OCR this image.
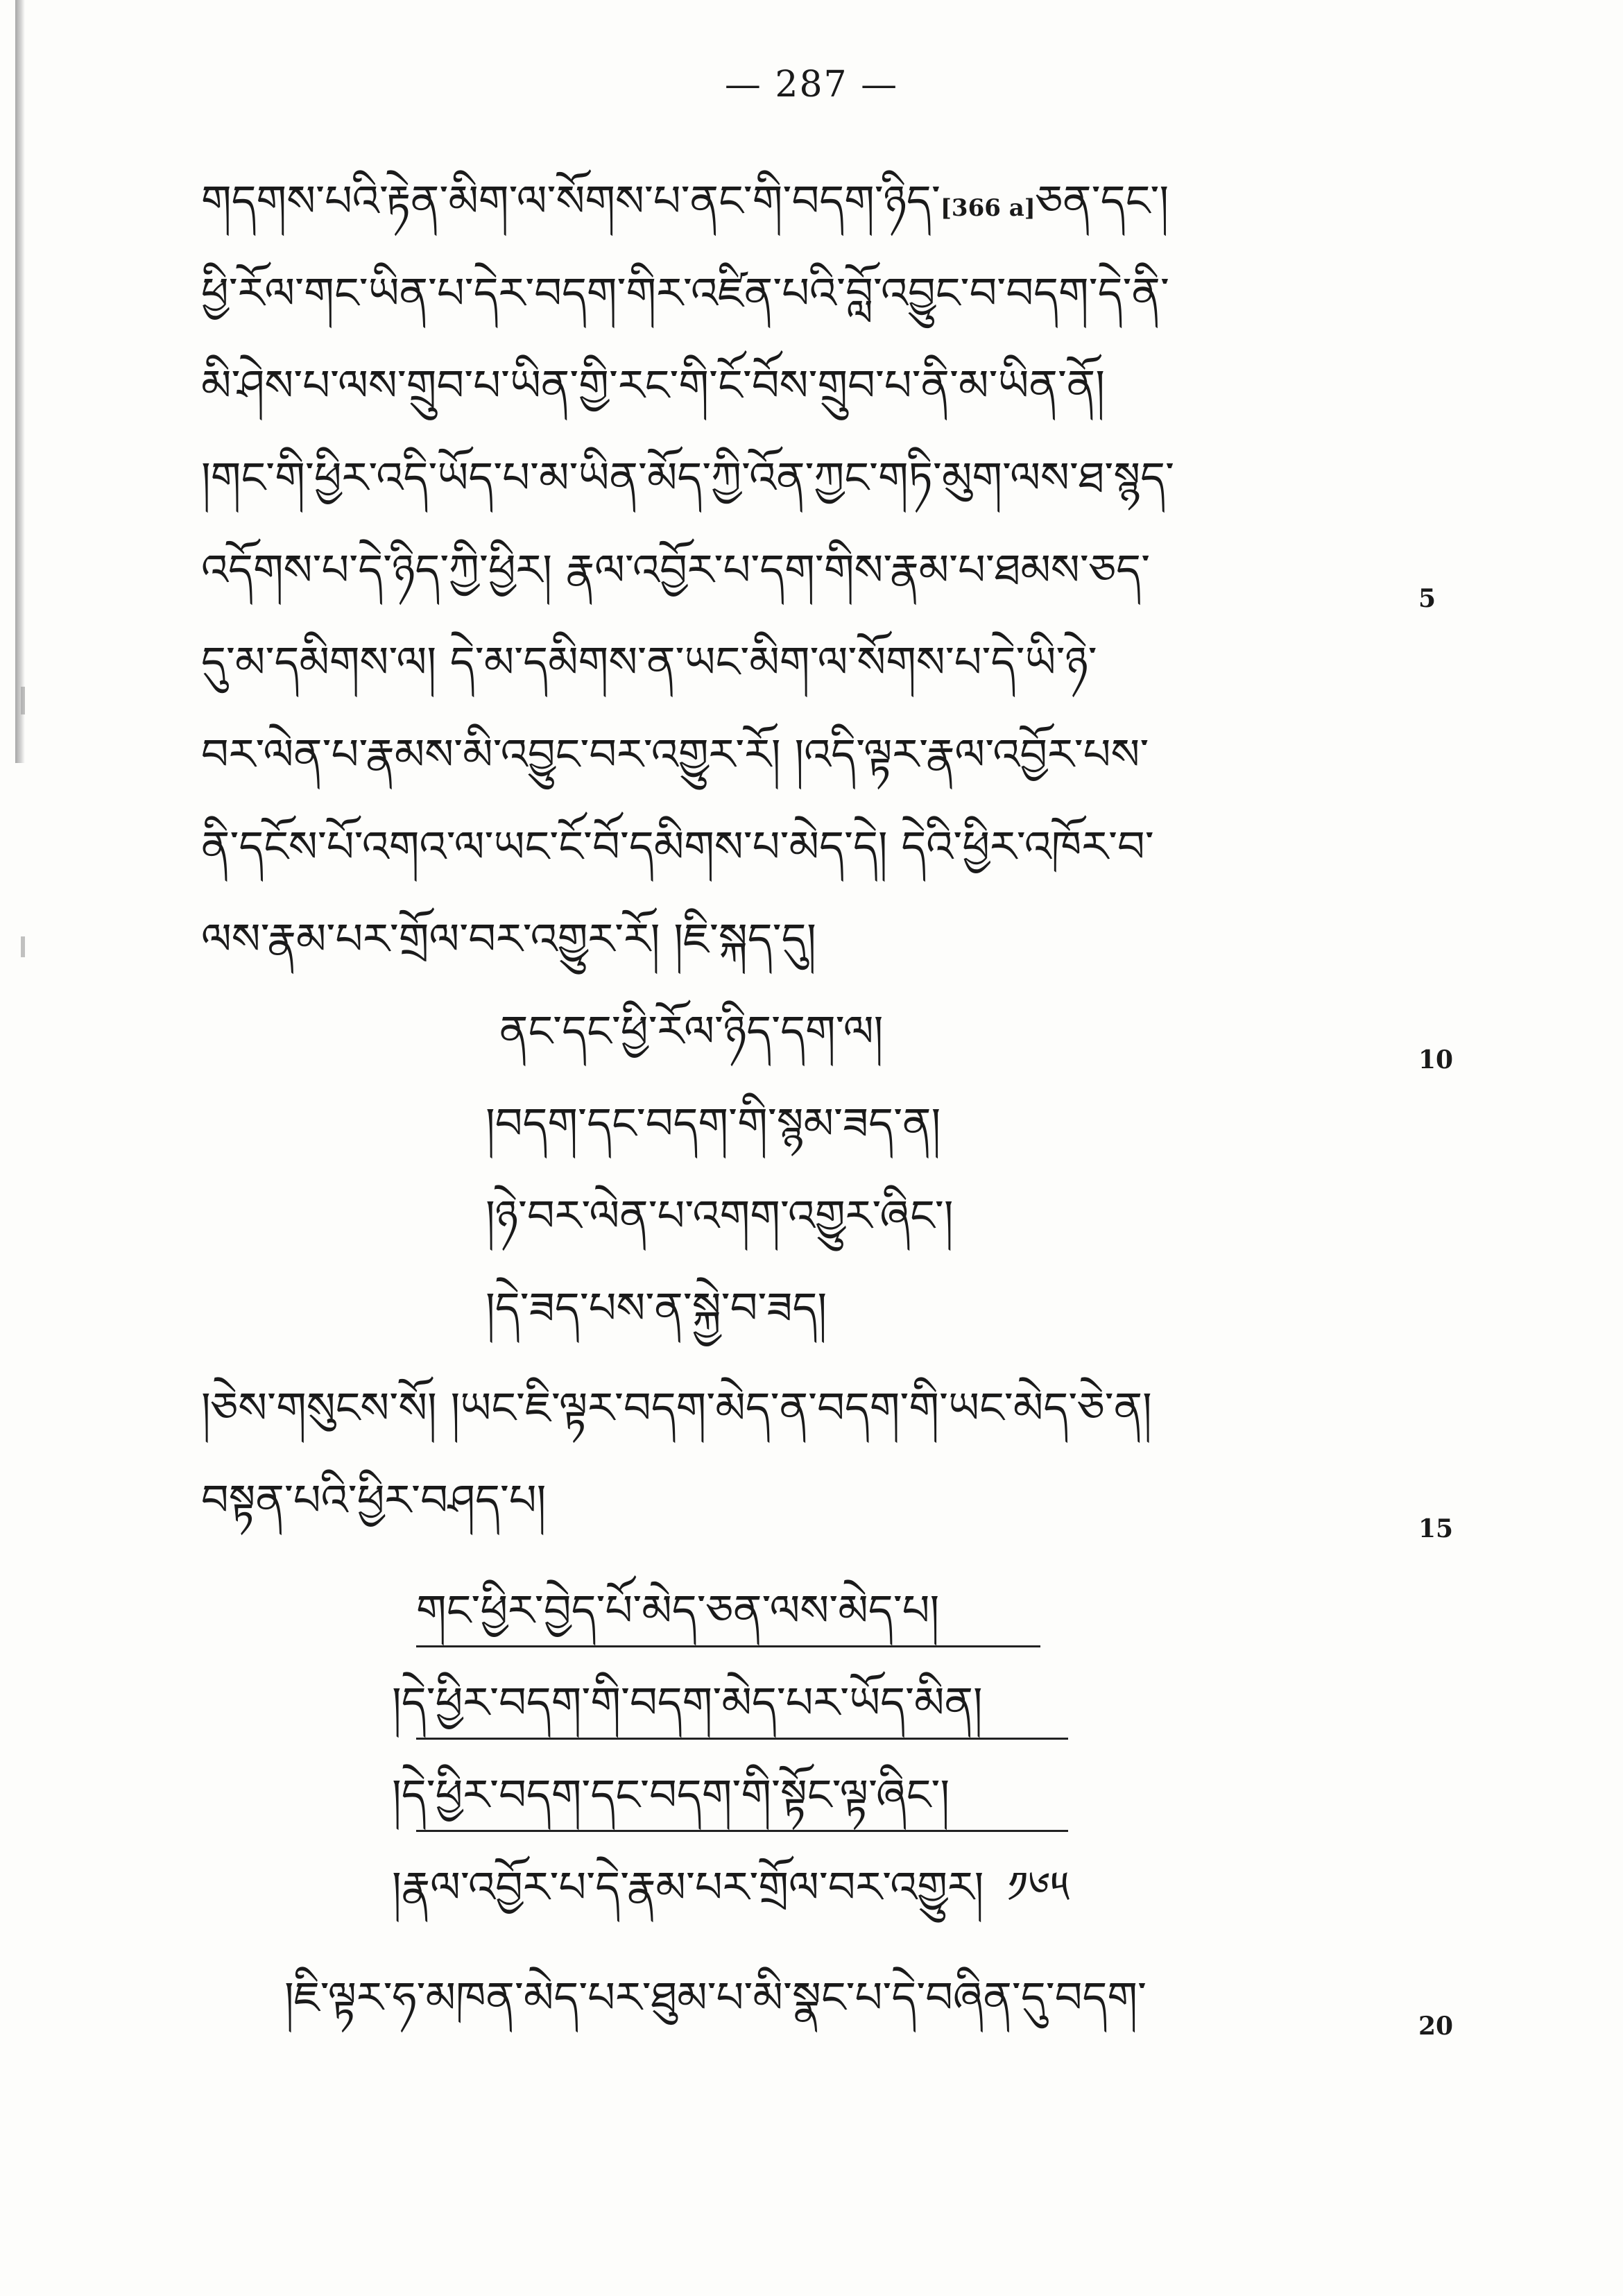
— 287 —
གདགས་པའི་རྟེན་མིག་ལ་སོགས་པ་ནང་གི་བདག་ཉིད་[366 a]ཅན་དང་།
ཕྱི་རོལ་གང་ཡིན་པ་དེར་བདག་གིར་འཛིན་པའི་བློ་འབྱུང་བ་བདག་དེ་ནི་
མི་ཤེས་པ་ལས་གྲུབ་པ་ཡིན་གྱི་རང་གི་ངོ་བོས་གྲུབ་པ་ནི་མ་ཡིན་ནོ།
།གང་གི་ཕྱིར་འདི་ཡོད་པ་མ་ཡིན་མོད་ཀྱི་འོན་ཀྱང་གཏི་མུག་ལས་ཐ་སྙད་
འདོགས་པ་དེ་ཉིད་ཀྱི་ཕྱིར། རྣལ་འབྱོར་པ་དག་གིས་རྣམ་པ་ཐམས་ཅད་
དུ་མ་དམིགས་ལ། དེ་མ་དམིགས་ན་ཡང་མིག་ལ་སོགས་པ་དེ་ཡི་ཉེ་
བར་ལེན་པ་རྣམས་མི་འབྱུང་བར་འགྱུར་རོ། །འདི་ལྟར་རྣལ་འབྱོར་པས་
ནི་དངོས་པོ་འགའ་ལ་ཡང་ངོ་བོ་དམིགས་པ་མེད་དེ། དེའི་ཕྱིར་འཁོར་བ་
ལས་རྣམ་པར་གྲོལ་བར་འགྱུར་རོ། །ཇི་སྐད་དུ།
ནང་དང་ཕྱི་རོལ་ཉིད་དག་ལ།
།བདག་དང་བདག་གི་སྙམ་ཟད་ན།
།ཉེ་བར་ལེན་པ་འགག་འགྱུར་ཞིང་།
།དེ་ཟད་པས་ན་སྐྱེ་བ་ཟད།
།ཅེས་གསུངས་སོ། །ཡང་ཇི་ལྟར་བདག་མེད་ན་བདག་གི་ཡང་མེད་ཅེ་ན།
བསྟན་པའི་ཕྱིར་བཤད་པ།
གང་ཕྱིར་བྱེད་པོ་མེད་ཅན་ལས་མེད་པ།
།དེ་ཕྱིར་བདག་གི་བདག་མེད་པར་ཡོད་མིན།
།དེ་ཕྱིར་བདག་དང་བདག་གི་སྟོང་ལྟ་ཞིང་།
།རྣལ་འབྱོར་པ་དེ་རྣམ་པར་གྲོལ་བར་འགྱུར། ༡༦༥
།ཇི་ལྟར་ཧ་མཁན་མེད་པར་ཐུམ་པ་མི་སྣང་པ་དེ་བཞིན་དུ་བདག་
5
10
15
20
